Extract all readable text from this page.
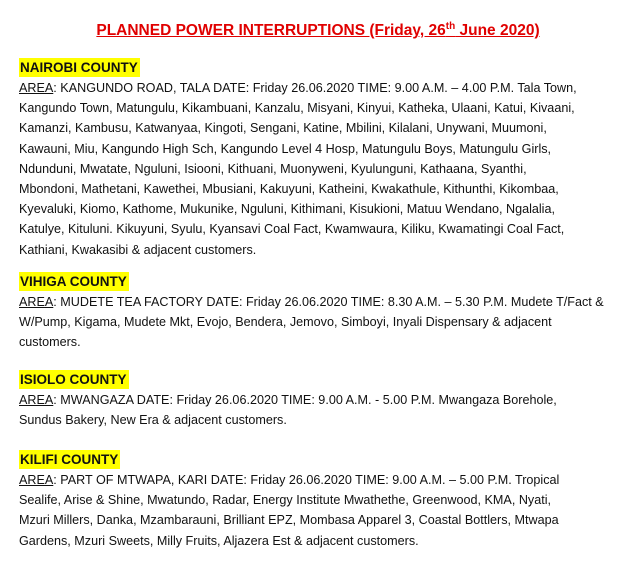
PLANNED POWER INTERRUPTIONS (Friday, 26th June 2020)
NAIROBI COUNTY
AREA: KANGUNDO ROAD, TALA DATE: Friday 26.06.2020 TIME: 9.00 A.M. – 4.00 P.M. Tala Town,
Kangundo Town, Matungulu, Kikambuani, Kanzalu, Misyani, Kinyui, Katheka, Ulaani, Katui, Kivaani,
Kamanzi, Kambusu, Katwanyaa, Kingoti, Sengani, Katine, Mbilini, Kilalani, Unywani, Muumoni,
Kawauni, Miu, Kangundo High Sch, Kangundo Level 4 Hosp, Matungulu Boys, Matungulu Girls,
Ndunduni, Mwatate, Nguluni, Isiooni, Kithuani, Muonyweni, Kyulunguni, Kathaana, Syanthi,
Mbondoni, Mathetani, Kawethei, Mbusiani, Kakuyuni, Katheini, Kwakathule, Kithunthi, Kikombaa,
Kyevaluki, Kiomo, Kathome, Mukunike, Nguluni, Kithimani, Kisukioni, Matuu Wendano, Ngalalia,
Katulye, Kituluni. Kikuyuni, Syulu, Kyansavi Coal Fact, Kwamwaura, Kiliku, Kwamatingi Coal Fact,
Kathiani, Kwakasibi & adjacent customers.
VIHIGA COUNTY
AREA: MUDETE TEA FACTORY DATE: Friday 26.06.2020 TIME: 8.30 A.M. – 5.30 P.M. Mudete T/Fact &
W/Pump, Kigama, Mudete Mkt, Evojo, Bendera, Jemovo, Simboyi, Inyali Dispensary & adjacent
customers.
ISIOLO COUNTY
AREA: MWANGAZA DATE: Friday 26.06.2020 TIME: 9.00 A.M. - 5.00 P.M. Mwangaza Borehole,
Sundus Bakery, New Era & adjacent customers.
KILIFI COUNTY
AREA: PART OF MTWAPA, KARI DATE: Friday 26.06.2020 TIME: 9.00 A.M. – 5.00 P.M. Tropical
Sealife, Arise & Shine, Mwatundo, Radar, Energy Institute Mwathethe, Greenwood, KMA, Nyati,
Mzuri Millers, Danka, Mzambarauni, Brilliant EPZ, Mombasa Apparel 3, Coastal Bottlers, Mtwapa
Gardens, Mzuri Sweets, Milly Fruits, Aljazera Est & adjacent customers.
